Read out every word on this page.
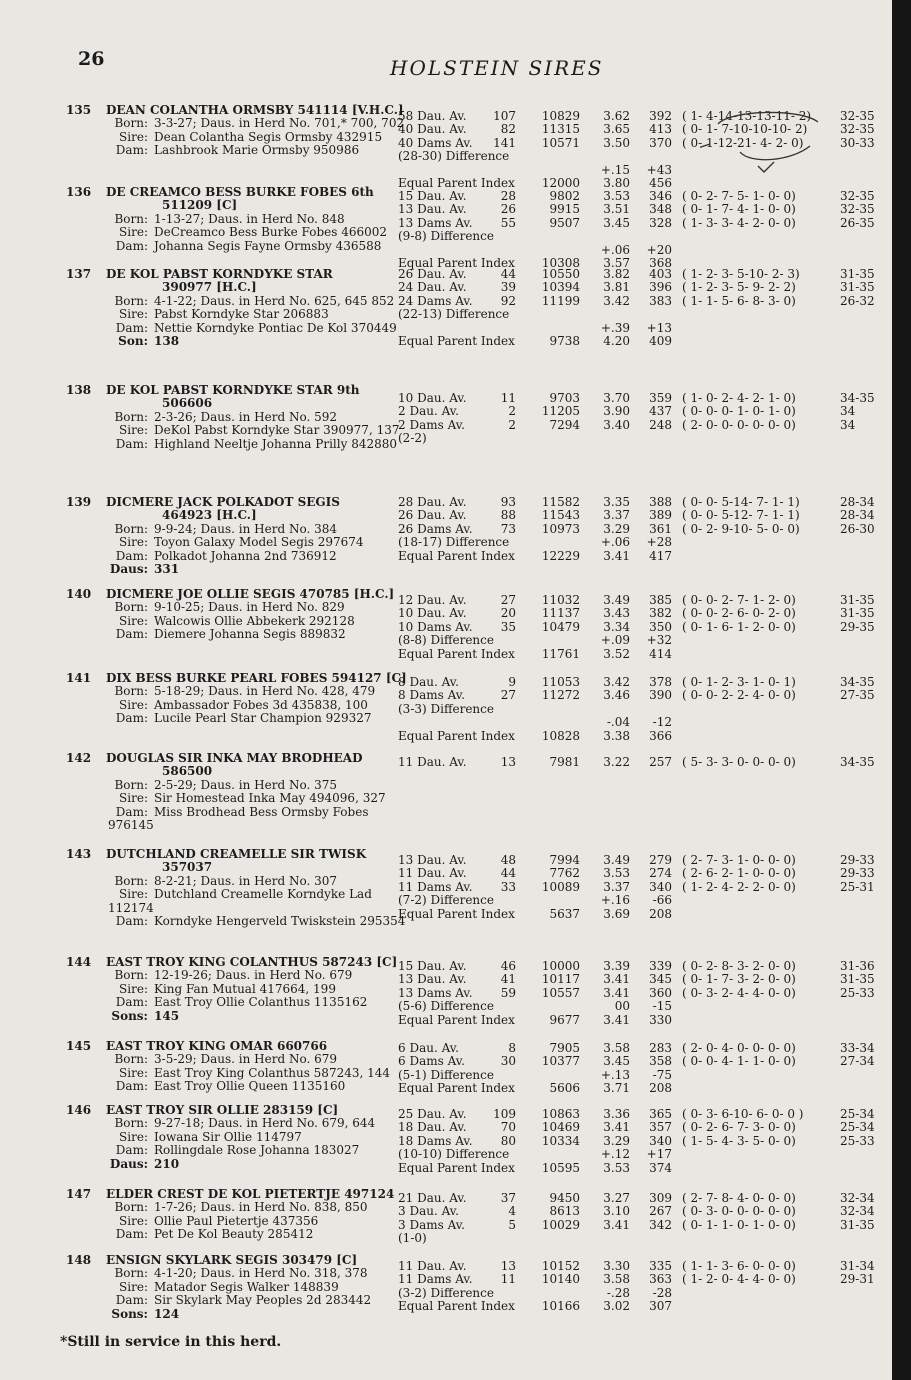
26	HOLSTEIN SIRES
135 DEAN COLANTHA ORMSBY 541114 [V.H.C.]
Born: 3-3-27; Daus. in Herd No. 701,* 700, 702
Sire: Dean Colantha Segis Ormsby 432915
Dam: Lashbrook Marie Ormsby 950986
58 Dau. Av.	107	10829	3.62	392 ( 1- 4-14-13-13-11- 2)	32-35
40 Dau. Av.	82	11315	3.65	413 ( 0- 1- 7-10-10-10- 2)	32-35
40 Dams Av.	141	10571	3.50	370 ( 0- 1-12-21- 4- 2- 0)	30-33
(28-30) Difference
+.15	+43
Equal Parent Index	12000	3.80	456
136 DE CREAMCO BESS BURKE FOBES 6th
511209 [C]
Born: 1-13-27; Daus. in Herd No. 848
Sire: DeCreamco Bess Burke Fobes 466002
Dam: Johanna Segis Fayne Ormsby 436588
15 Dau. Av.	28	9802	3.53	346 ( 0- 2- 7- 5- 1- 0- 0)	32-35
13 Dau. Av.	26	9915	3.51	348 ( 0- 1- 7- 4- 1- 0- 0)	32-35
13 Dams Av.	55	9507	3.45	328 ( 1- 3- 3- 4- 2- 0- 0)	26-35
(9-8) Difference
+.06	+20
Equal Parent Index	10308	3.57	368
137 DE KOL PABST KORNDYKE STAR
390977 [H.C.]
Born: 4-1-22; Daus. in Herd No. 625, 645 852
Sire: Pabst Korndyke Star 206883
Dam: Nettie Korndyke Pontiac De Kol 370449
Son: 138
26 Dau. Av.	44	10550	3.82	403 ( 1- 2- 3- 5-10- 2- 3)	31-35
24 Dau. Av.	39	10394	3.81	396 ( 1- 2- 3- 5- 9- 2- 2)	31-35
24 Dams Av.	92	11199	3.42	383 ( 1- 1- 5- 6- 8- 3- 0)	26-32
(22-13) Difference
+.39	+13
Equal Parent Index	9738	4.20	409
138 DE KOL PABST KORNDYKE STAR 9th
506606
Born: 2-3-26; Daus. in Herd No. 592
Sire: DeKol Pabst Korndyke Star 390977, 137
Dam: Highland Neeltje Johanna Prilly 842880
10 Dau. Av.	11	9703	3.70	359 ( 1- 0- 2- 4- 2- 1- 0)	34-35
2 Dau. Av.	2	11205	3.90	437 ( 0- 0- 0- 1- 0- 1- 0)	34
2 Dams Av.	2	7294	3.40	248 ( 2- 0- 0- 0- 0- 0- 0)	34
(2-2)
139 DICMERE JACK POLKADOT SEGIS
464923 [H.C.]
Born: 9-9-24; Daus. in Herd No. 384
Sire: Toyon Galaxy Model Segis 297674
Dam: Polkadot Johanna 2nd 736912
Daus: 331
28 Dau. Av.	93	11582	3.35	388 ( 0- 0- 5-14- 7- 1- 1)	28-34
26 Dau. Av.	88	11543	3.37	389 ( 0- 0- 5-12- 7- 1- 1)	28-34
26 Dams Av.	73	10973	3.29	361 ( 0- 2- 9-10- 5- 0- 0)	26-30
(18-17) Difference	+.06	+28
Equal Parent Index	12229	3.41	417
140 DICMERE JOE OLLIE SEGIS 470785 [H.C.]
Born: 9-10-25; Daus. in Herd No. 829
Sire: Walcowis Ollie Abbekerk 292128
Dam: Diemere Johanna Segis 889832
12 Dau. Av.	27	11032	3.49	385 ( 0- 0- 2- 7- 1- 2- 0)	31-35
10 Dau. Av.	20	11137	3.43	382 ( 0- 0- 2- 6- 0- 2- 0)	31-35
10 Dams Av.	35	10479	3.34	350 ( 0- 1- 6- 1- 2- 0- 0)	29-35
(8-8) Difference	+.09	+32
Equal Parent Index	11761	3.52	414
141 DIX BESS BURKE PEARL FOBES 594127 [C]
Born: 5-18-29; Daus. in Herd No. 428, 479
Sire: Ambassador Fobes 3d 435838, 100
Dam: Lucile Pearl Star Champion 929327
8 Dau. Av.	9	11053	3.42	378 ( 0- 1- 2- 3- 1- 0- 1)	34-35
8 Dams Av.	27	11272	3.46	390 ( 0- 0- 2- 2- 4- 0- 0)	27-35
(3-3) Difference
-.04	-12
Equal Parent Index	10828	3.38	366
142 DOUGLAS SIR INKA MAY BRODHEAD
586500
Born: 2-5-29; Daus. in Herd No. 375
Sire: Sir Homestead Inka May 494096, 327
Dam: Miss Brodhead Bess Ormsby Fobes 976145
11 Dau. Av.	13	7981	3.22	257 ( 5- 3- 3- 0- 0- 0- 0)	34-35
143 DUTCHLAND CREAMELLE SIR TWISK
357037
Born: 8-2-21; Daus. in Herd No. 307
Sire: Dutchland Creamelle Korndyke Lad 112174
Dam: Korndyke Hengerveld Twiskstein 295354
13 Dau. Av.	48	7994	3.49	279 ( 2- 7- 3- 1- 0- 0- 0)	29-33
11 Dau. Av.	44	7762	3.53	274 ( 2- 6- 2- 1- 0- 0- 0)	29-33
11 Dams Av.	33	10089	3.37	340 ( 1- 2- 4- 2- 2- 0- 0)	25-31
(7-2) Difference	+.16	-66
Equal Parent Index	5637	3.69	208
144 EAST TROY KING COLANTHUS 587243 [C]
Born: 12-19-26; Daus. in Herd No. 679
Sire: King Fan Mutual 417664, 199
Dam: East Troy Ollie Colanthus 1135162
Sons: 145
15 Dau. Av.	46	10000	3.39	339 ( 0- 2- 8- 3- 2- 0- 0)	31-36
13 Dau. Av.	41	10117	3.41	345 ( 0- 1- 7- 3- 2- 0- 0)	31-35
13 Dams Av.	59	10557	3.41	360 ( 0- 3- 2- 4- 4- 0- 0)	25-33
(5-6) Difference	00	-15
Equal Parent Index	9677	3.41	330
145 EAST TROY KING OMAR 660766
Born: 3-5-29; Daus. in Herd No. 679
Sire: East Troy King Colanthus 587243, 144
Dam: East Troy Ollie Queen 1135160
6 Dau. Av.	8	7905	3.58	283 ( 2- 0- 4- 0- 0- 0- 0)	33-34
6 Dams Av.	30	10377	3.45	358 ( 0- 0- 4- 1- 1- 0- 0)	27-34
(5-1) Difference	+.13	-75
Equal Parent Index	5606	3.71	208
146 EAST TROY SIR OLLIE 283159 [C]
Born: 9-27-18; Daus. in Herd No. 679, 644
Sire: Iowana Sir Ollie 114797
Dam: Rollingdale Rose Johanna 183027
Daus: 210
25 Dau. Av.	109	10863	3.36	365 ( 0- 3- 6-10- 6- 0- 0 )	25-34
18 Dau. Av.	70	10469	3.41	357 ( 0- 2- 6- 7- 3- 0- 0)	25-34
18 Dams Av.	80	10334	3.29	340 ( 1- 5- 4- 3- 5- 0- 0)	25-33
(10-10) Difference	+.12	+17
Equal Parent Index	10595	3.53	374
147 ELDER CREST DE KOL PIETERTJE 497124
Born: 1-7-26; Daus. in Herd No. 838, 850
Sire: Ollie Paul Pietertje 437356
Dam: Pet De Kol Beauty 285412
21 Dau. Av.	37	9450	3.27	309 ( 2- 7- 8- 4- 0- 0- 0)	32-34
3 Dau. Av.	4	8613	3.10	267 ( 0- 3- 0- 0- 0- 0- 0)	32-34
3 Dams Av.	5	10029	3.41	342 ( 0- 1- 1- 0- 1- 0- 0)	31-35
(1-0)
148 ENSIGN SKYLARK SEGIS 303479 [C]
Born: 4-1-20; Daus. in Herd No. 318, 378
Sire: Matador Segis Walker 148839
Dam: Sir Skylark May Peoples 2d 283442
Sons: 124
11 Dau. Av.	13	10152	3.30	335 ( 1- 1- 3- 6- 0- 0- 0)	31-34
11 Dams Av.	11	10140	3.58	363 ( 1- 2- 0- 4- 4- 0- 0)	29-31
(3-2) Difference	-.28	-28
Equal Parent Index	10166	3.02	307
*Still in service in this herd.
